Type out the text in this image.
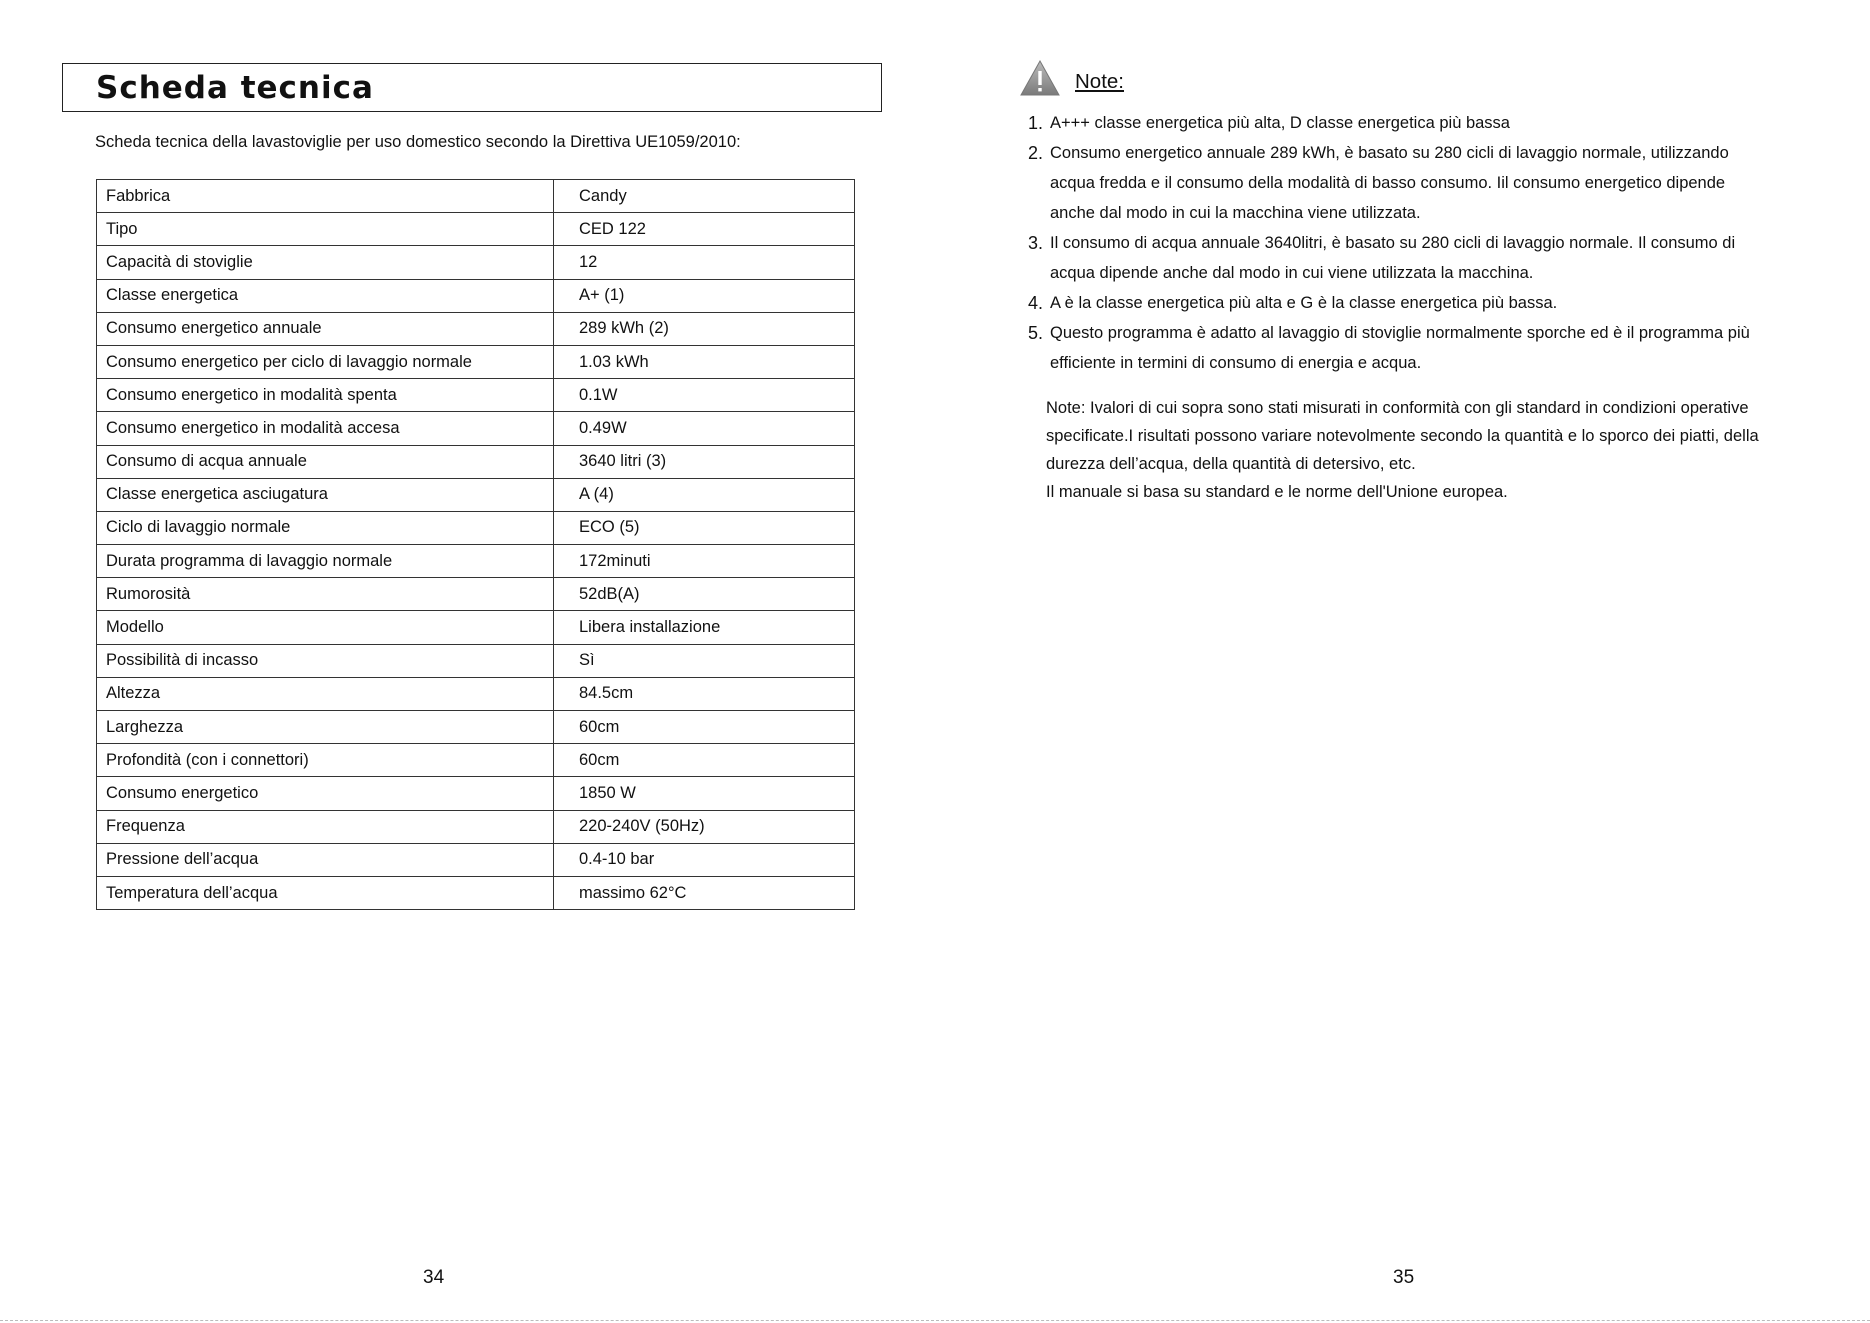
Scheda tecnica
Scheda tecnica della lavastoviglie per uso domestico secondo la Direttiva UE1059/2010:
Fabbrica	Candy
Tipo	CED 122
Capacità di stoviglie	12
Classe energetica	A+ (1)
Consumo energetico annuale	289 kWh (2)
Consumo energetico per ciclo di lavaggio normale	1.03 kWh
Consumo energetico in modalità spenta	0.1W
Consumo energetico in modalità accesa	0.49W
Consumo di acqua annuale	3640 litri (3)
Classe energetica asciugatura	A (4)
Ciclo di lavaggio normale	ECO (5)
Durata programma di lavaggio normale	172minuti
Rumorosità	52dB(A)
Modello	Libera installazione
Possibilità di incasso	Sì
Altezza	84.5cm
Larghezza	60cm
Profondità (con i connettori)	60cm
Consumo energetico	1850 W
Frequenza	220-240V (50Hz)
Pressione dell’acqua	0.4-10 bar
Temperatura dell’acqua	massimo 62°C
34
Note:
1. A+++ classe energetica più alta, D classe energetica più bassa
2. Consumo energetico annuale 289 kWh, è basato su 280 cicli di lavaggio normale, utilizzando
acqua fredda e il consumo della modalità di basso consumo. Iil consumo energetico dipende
anche dal modo in cui la macchina viene utilizzata.
3. Il consumo di acqua annuale 3640litri, è basato su 280 cicli di lavaggio normale. Il consumo di
acqua dipende anche dal modo in cui viene utilizzata la macchina.
4. A è la classe energetica più alta e G è la classe energetica più bassa.
5. Questo programma è adatto al lavaggio di stoviglie normalmente sporche ed è il programma più
efficiente in termini di consumo di energia e acqua.

Note: Ivalori di cui sopra sono stati misurati in conformità con gli standard in condizioni operative

specificate.I risultati possono variare notevolmente secondo la quantità e lo sporco dei piatti, della

durezza dell’acqua, della quantità di detersivo, etc.

Il manuale si basa su standard e le norme dell'Unione europea.

35
